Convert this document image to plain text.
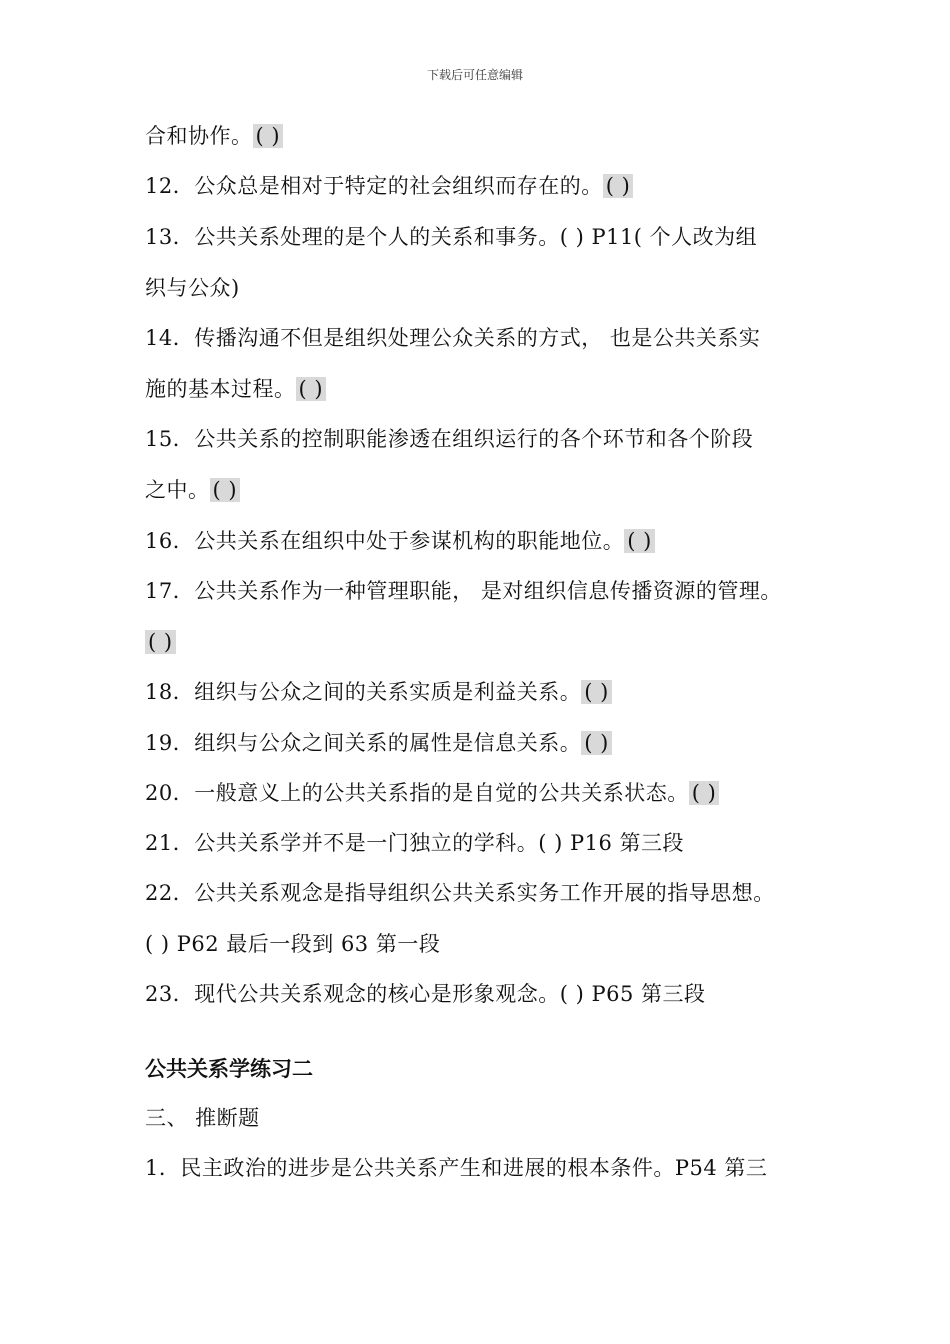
下载后可任意编辑
合和协作。 ( )
12．公众总是相对于特定的社会组织而存在的。 ( )
13．公共关系处理的是个人的关系和事务。( ) P11( 个人改为组
织与公众)
14．传播沟通不但是组织处理公众关系的方式， 也是公共关系实
施的基本过程。 ( )
15．公共关系的控制职能渗透在组织运行的各个环节和各个阶段
之中。 ( )
16．公共关系在组织中处于参谋机构的职能地位。 ( )
17．公共关系作为一种管理职能， 是对组织信息传播资源的管理。
( )
18．组织与公众之间的关系实质是利益关系。 ( )
19．组织与公众之间关系的属性是信息关系。 ( )
20．一般意义上的公共关系指的是自觉的公共关系状态。 ( )
21．公共关系学并不是一门独立的学科。( ) P16 第三段
22．公共关系观念是指导组织公共关系实务工作开展的指导思想。
( ) P62 最后一段到 63 第一段
23．现代公共关系观念的核心是形象观念。( ) P65 第三段
公共关系学练习二
三、 推断题
1．民主政治的进步是公共关系产生和进展的根本条件。P54 第三
